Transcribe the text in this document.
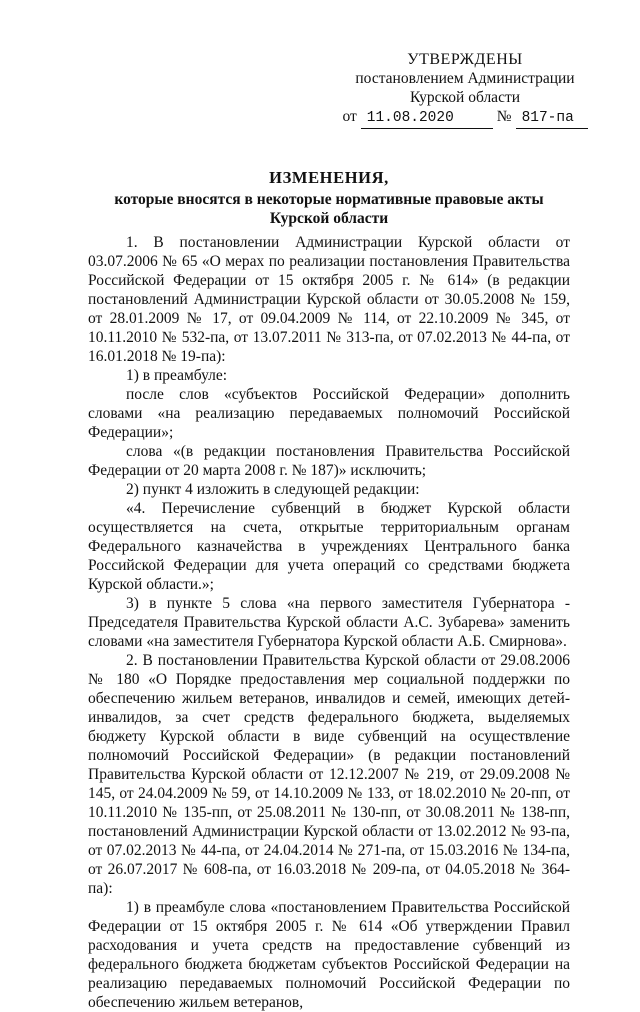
УТВЕРЖДЕНЫ
постановлением Администрации
Курской области
от 11.08.2020	№ 817-па
ИЗМЕНЕНИЯ,
которые вносятся в некоторые нормативные правовые акты
Курской области

1. В постановлении Администрации Курской области от 03.07.2006 № 65 «О мерах по реализации постановления Правительства Российской Федерации от 15 октября 2005 г. № 614» (в редакции постановлений Администрации Курской области от 30.05.2008 № 159, от 28.01.2009 № 17, от 09.04.2009 № 114, от 22.10.2009 № 345, от 10.11.2010 № 532-па, от 13.07.2011 № 313-па, от 07.02.2013 № 44-па, от 16.01.2018 № 19-па):

1) в преамбуле:

после слов «субъектов Российской Федерации» дополнить словами «на реализацию передаваемых полномочий Российской Федерации»;

слова «(в редакции постановления Правительства Российской Федерации от 20 марта 2008 г. № 187)» исключить;

2) пункт 4 изложить в следующей редакции:

«4. Перечисление субвенций в бюджет Курской области осуществляется на счета, открытые территориальным органам Федерального казначейства в учреждениях Центрального банка Российской Федерации для учета операций со средствами бюджета Курской области.»;

3) в пункте 5 слова «на первого заместителя Губернатора - Председателя Правительства Курской области А.С. Зубарева» заменить словами «на заместителя Губернатора Курской области А.Б. Смирнова».

2. В постановлении Правительства Курской области от 29.08.2006 № 180 «О Порядке предоставления мер социальной поддержки по обеспечению жильем ветеранов, инвалидов и семей, имеющих детей-инвалидов, за счет средств федерального бюджета, выделяемых бюджету Курской области в виде субвенций на осуществление полномочий Российской Федерации» (в редакции постановлений Правительства Курской области от 12.12.2007 № 219, от 29.09.2008 № 145, от 24.04.2009 № 59, от 14.10.2009 № 133, от 18.02.2010 № 20-пп, от 10.11.2010 № 135-пп, от 25.08.2011 № 130-пп, от 30.08.2011 № 138-пп, постановлений Администрации Курской области от 13.02.2012 № 93-па, от 07.02.2013 № 44-па, от 24.04.2014 № 271-па, от 15.03.2016 № 134-па, от 26.07.2017 № 608-па, от 16.03.2018 № 209-па, от 04.05.2018 № 364-па):

1) в преамбуле слова «постановлением Правительства Российской Федерации от 15 октября 2005 г. № 614 «Об утверждении Правил расходования и учета средств на предоставление субвенций из федерального бюджета бюджетам субъектов Российской Федерации на реализацию передаваемых полномочий Российской Федерации по обеспечению жильем ветеранов,
